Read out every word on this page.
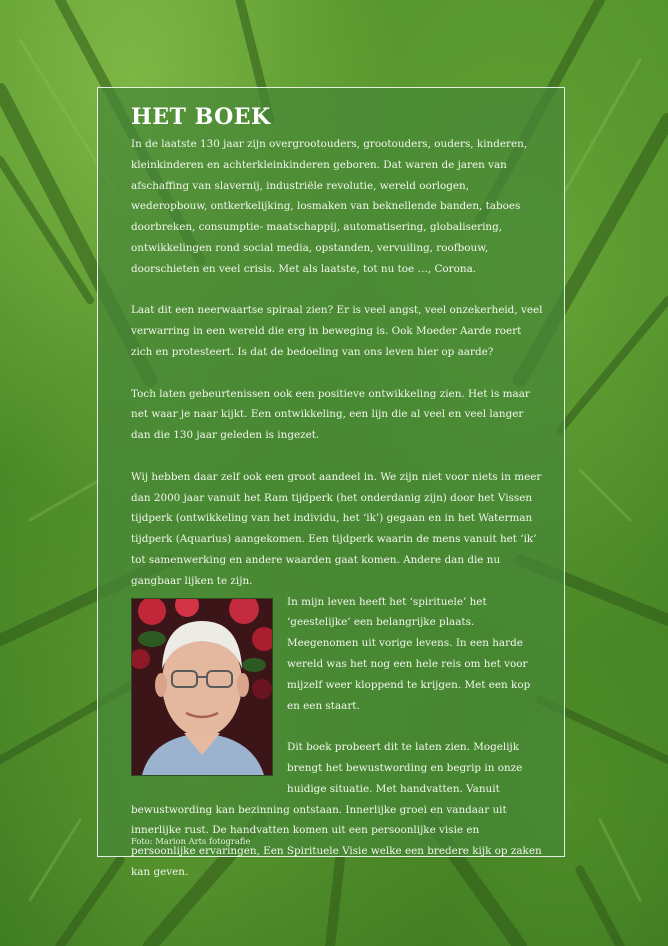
HET BOEK

In de laatste 130 jaar zijn overgrootouders, grootouders, ouders, kinderen, kleinkinderen en achterkleinkinderen geboren. Dat waren de jaren van afschaffing van slavernij, industriële revolutie, wereld oorlogen, wederopbouw, ontkerkelijking, losmaken van beknellende banden, taboes doorbreken, consumptie- maatschappij, automatisering, globalisering, ontwikkelingen rond social media, opstanden, vervuiling, roofbouw, doorschieten en veel crisis. Met als laatste, tot nu toe …, Corona.

Laat dit een neerwaartse spiraal zien? Er is veel angst, veel onzekerheid, veel verwarring in een wereld die erg in beweging is. Ook Moeder Aarde roert zich en protesteert. Is dat de bedoeling van ons leven hier op aarde?

Toch laten gebeurtenissen ook een positieve ontwikkeling zien. Het is maar net waar je naar kijkt. Een ontwikkeling, een lijn die al veel en veel langer dan die 130 jaar geleden is ingezet.

Wij hebben daar zelf ook een groot aandeel in. We zijn niet voor niets in meer dan 2000 jaar vanuit het Ram tijdperk (het onderdanig zijn) door het Vissen tijdperk (ontwikkeling van het individu, het ‘ik’) gegaan en in het Waterman tijdperk (Aquarius) aangekomen. Een tijdperk waarin de mens vanuit het ‘ik’ tot samenwerking en andere waarden gaat komen. Andere dan die nu gangbaar lijken te zijn.

In mijn leven heeft het ‘spirituele’ het ‘geestelijke’ een belangrijke plaats. Meegenomen uit vorige levens. In een harde wereld was het nog een hele reis om het voor mijzelf weer kloppend te krijgen. Met een kop en een staart.

Dit boek probeert dit te laten zien. Mogelijk brengt het bewustwording en begrip in onze huidige situatie. Met handvatten. Vanuit bewustwording kan bezinning ontstaan. Innerlijke groei en vandaar uit innerlijke rust. De handvatten komen uit een persoonlijke visie en persoonlijke ervaringen, Een Spirituele Visie welke een bredere kijk op zaken kan geven.

Foto: Marion Arts fotografie
